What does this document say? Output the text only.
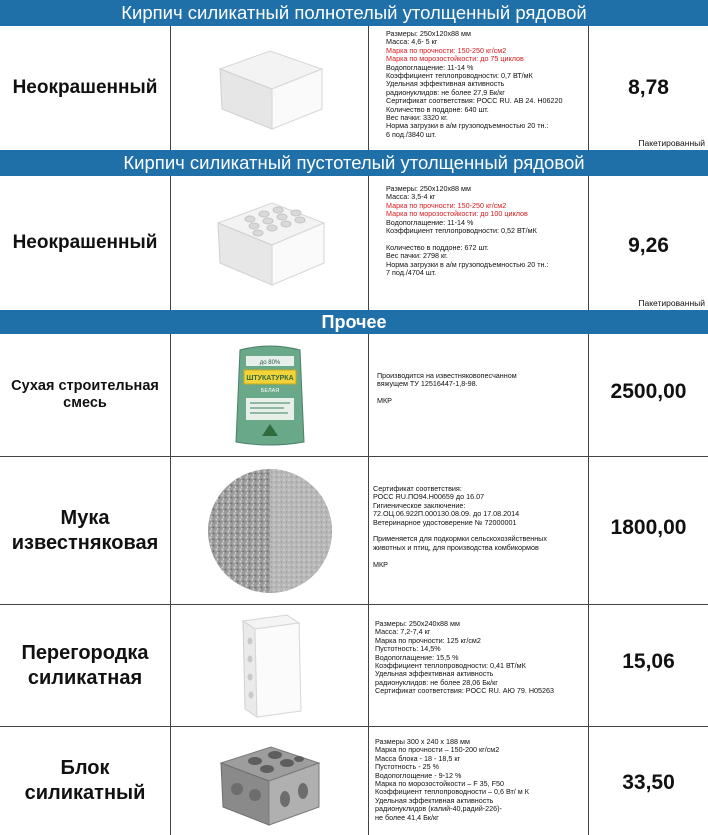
Кирпич силикатный полнотелый утолщенный рядовой
Неокрашенный
Размеры: 250х120х88 мм
Масса: 4,6- 5 кг
Марка по прочности: 150-250 кг/см2
Марка по морозостойкости: до 75 циклов
Водопоглащение: 11-14 %
Коэффициент теплопроводности: 0,7 ВТ/мК
Удельная эффективная активность
радионуклидов: не более 27,9 Бк/кг
Сертификат соответствия: РОСС RU. АВ 24. Н06220
Количество в поддоне: 640 шт.
Вес пачки: 3320 кг.
Норма загрузки в а/м грузоподъемностью 20 тн.:
6 под./3840 шт.
8,78
Пакетированный
Кирпич силикатный пустотелый утолщенный рядовой
Неокрашенный
Размеры: 250х120х88 мм
Масса: 3,5-4 кг
Марка по прочности: 150-250 кг/см2
Марка по морозостойкости: до 100 циклов
Водопоглащение: 11-14 %
Коэффициент теплопроводности: 0,52 ВТ/мК

Количество в поддоне: 672 шт.
Вес пачки: 2798 кг.
Норма загрузки в а/м грузоподъемностью 20 тн.:
7 под./4704 шт.
9,26
Пакетированный
Прочее
Сухая строительная смесь
до 80%
ШТУКАТУРКА
БЕЛАЯ
Производится на известняковопесчанном
вяжущем ТУ 12516447-1,8-98.

МКР	2500,00
Мука известняковая
Сертификат соответствия:
РОСС RU.ПО94.Н00659 до 16.07
Гигиеническое заключение:
72.ОЦ.06.922П.000130.08.09. до 17.08.2014
Ветеринарное удостоверение № 72000001

Применяется для подкормки сельскохозяйственных
животных и птиц, для производства комбикормов

МКР
1800,00
Перегородка силикатная
Размеры: 250х240х88 мм
Масса: 7,2-7,4 кг
Марка по прочности: 125 кг/см2
Пустотность: 14,5%
Водопоглащение: 15,5 %
Коэффициент теплопроводности: 0,41 ВТ/мК
Удельная эффективная активность
радионуклидов: не более 28,06 Бк/кг
Сертификат соответствия: РОСС RU. АЮ 79. Н05263
15,06
Блок силикатный
Размеры 300 х 240 х 188 мм
Марка по прочности – 150-200 кг/см2
Масса блока - 18 - 18,5 кг
Пустотность - 25 %
Водопоглощение - 9-12 %
Марка по морозостойкости – F 35, F50
Коэффициент теплопроводности – 0,6 Вт/ м К
Удельная эффективная активность
радионуклидов (калий-40,радий-226)-
не более 41,4 Бк/кг
33,50
